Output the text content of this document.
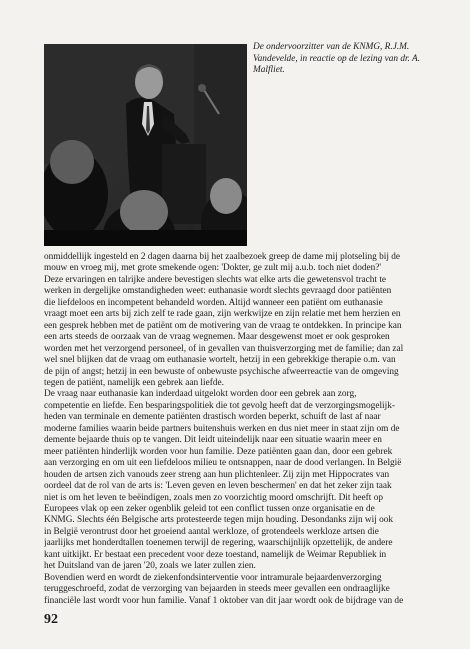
De ondervoorzitter van de KNMG, R.J.M.
Vandevelde, in reactie op de lezing van dr. A.
Malfliet.

onmiddellijk ingesteld en 2 dagen daarna bij het zaalbezoek greep de dame mij plotseling bij de
mouw en vroeg mij, met grote smekende ogen: 'Dokter, ge zult mij a.u.b. toch niet doden?'
Deze ervaringen en talrijke andere bevestigen slechts wat elke arts die gewetensvol tracht te
werken in dergelijke omstandigheden weet: euthanasie wordt slechts gevraagd door patiënten
die liefdeloos en incompetent behandeld worden. Altijd wanneer een patiënt om euthanasie
vraagt moet een arts bij zich zelf te rade gaan, zijn werkwijze en zijn relatie met hem herzien en
een gesprek hebben met de patiënt om de motivering van de vraag te ontdekken. In principe kan
een arts steeds de oorzaak van de vraag wegnemen. Maar desgewenst moet er ook gesproken
worden met het verzorgend personeel, of in gevallen van thuisverzorging met de familie; dan zal
wel snel blijken dat de vraag om euthanasie wortelt, hetzij in een gebrekkige therapie o.m. van
de pijn of angst; hetzij in een bewuste of onbewuste psychische afweerreactie van de omgeving
tegen de patiënt, namelijk een gebrek aan liefde.
De vraag naar euthanasie kan inderdaad uitgelokt worden door een gebrek aan zorg,
competentie en liefde. Een besparingspolitiek die tot gevolg heeft dat de verzorgingsmogelijk-
heden van terminale en demente patiënten drastisch worden beperkt, schuift de last af naar
moderne families waarin beide partners buitenshuis werken en dus niet meer in staat zijn om de
demente bejaarde thuis op te vangen. Dit leidt uiteindelijk naar een situatie waarin meer en
meer patiënten hinderlijk worden voor hun familie. Deze patiënten gaan dan, door een gebrek
aan verzorging en om uit een liefdeloos milieu te ontsnappen, naar de dood verlangen. In België
houden de artsen zich vanouds zeer streng aan hun plichtenleer. Zij zijn met Hippocrates van
oordeel dat de rol van de arts is: 'Leven geven en leven beschermen' en dat het zeker zijn taak
niet is om het leven te beëindigen, zoals men zo voorzichtig moord omschrijft. Dit heeft op
Europees vlak op een zeker ogenblik geleid tot een conflict tussen onze organisatie en de
KNMG. Slechts één Belgische arts protesteerde tegen mijn houding. Desondanks zijn wij ook
in België verontrust door het groeiend aantal werkloze, of grotendeels werkloze artsen die
jaarlijks met honderdtallen toenemen terwijl de regering, waarschijnlijk opzettelijk, de andere
kant uitkijkt. Er bestaat een precedent voor deze toestand, namelijk de Weimar Republiek in
het Duitsland van de jaren '20, zoals we later zullen zien.
Bovendien werd en wordt de ziekenfondsinterventie voor intramurale bejaardenverzorging
teruggeschroefd, zodat de verzorging van bejaarden in steeds meer gevallen een ondraaglijke
financiële last wordt voor hun familie. Vanaf 1 oktober van dit jaar wordt ook de bijdrage van de

92
